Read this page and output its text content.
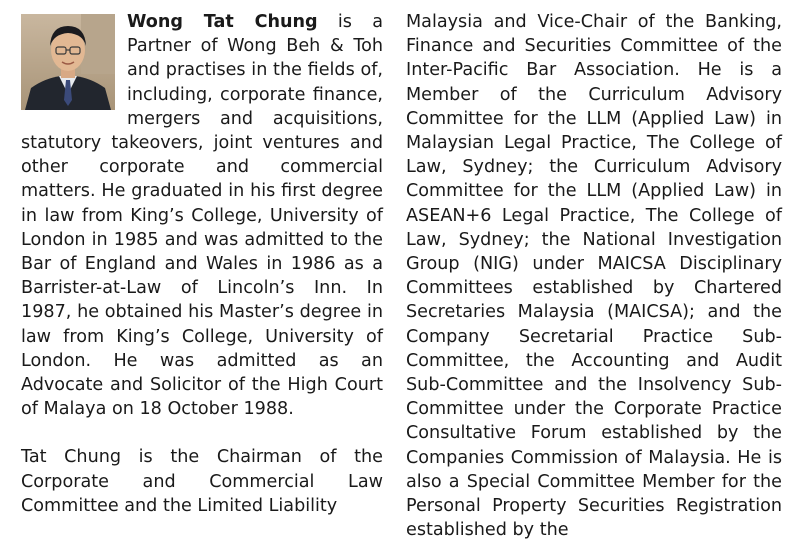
Wong Tat Chung is a Partner of Wong Beh & Toh and practises in the fields of, including, corporate finance, mergers and acquisitions, statutory takeovers, joint ventures and other corporate and commercial matters. He graduated in his first degree in law from King’s College, University of London in 1985 and was admitted to the Bar of England and Wales in 1986 as a Barrister-at-Law of Lincoln’s Inn. In 1987, he obtained his Master’s degree in law from King’s College, University of London. He was admitted as an Advocate and Solicitor of the High Court of Malaya on 18 October 1988.

Tat Chung is the Chairman of the Corporate and Commercial Law Committee and the Limited Liability

Malaysia and Vice-Chair of the Banking, Finance and Securities Committee of the Inter-Pacific Bar Association. He is a Member of the Curriculum Advisory Committee for the LLM (Applied Law) in Malaysian Legal Practice, The College of Law, Sydney; the Curriculum Advisory Committee for the LLM (Applied Law) in ASEAN+6 Legal Practice, The College of Law, Sydney; the National Investigation Group (NIG) under MAICSA Disciplinary Committees established by Chartered Secretaries Malaysia (MAICSA); and the Company Secretarial Practice Sub-Committee, the Accounting and Audit Sub-Committee and the Insolvency Sub-Committee under the Corporate Practice Consultative Forum established by the Companies Commission of Malaysia. He is also a Special Committee Member for the Personal Property Securities Registration established by the
